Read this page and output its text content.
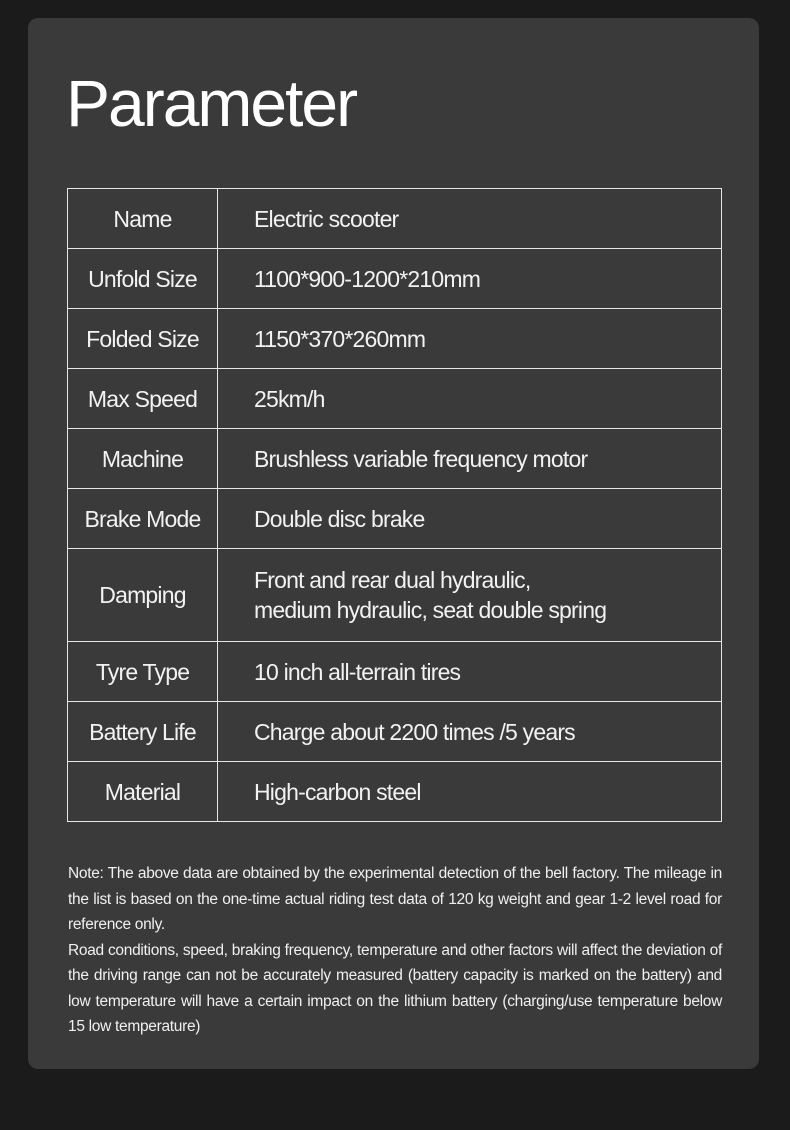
Parameter
Name	Electric scooter
Unfold Size	1100*900-1200*210mm
Folded Size	1150*370*260mm
Max Speed	25km/h
Machine	Brushless variable frequency motor
Brake Mode	Double disc brake
Damping	Front and rear dual hydraulic,
medium hydraulic, seat double spring
Tyre Type	10 inch all-terrain tires
Battery Life	Charge about 2200 times /5 years
Material	High-carbon steel

Note: The above data are obtained by the experimental detection of the bell factory. The mileage in the list is based on the one-time actual riding test data of 120 kg weight and gear 1-2 level road for reference only.

Road conditions, speed, braking frequency, temperature and other factors will affect the deviation of the driving range can not be accurately measured (battery capacity is marked on the battery) and low temperature will have a certain impact on the lithium battery (charging/use temperature below 15 low temperature)
